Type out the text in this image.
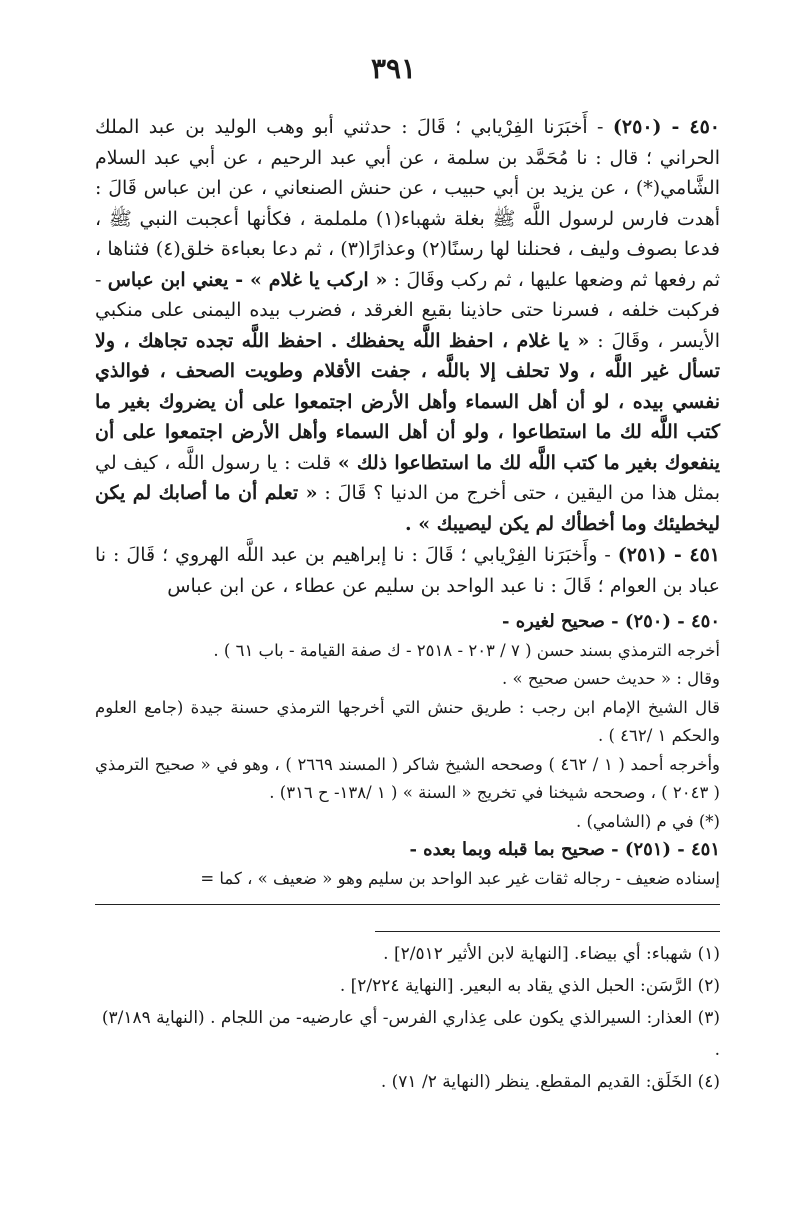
٣٩١

٤٥٠ - (٢٥٠) - أَخبَرَنا الفِرْيابي ؛ قَالَ : حدثني أبو وهب الوليد بن عبد الملك الحراني ؛ قال : نا مُحَمَّد بن سلمة ، عن أبي عبد الرحيم ، عن أبي عبد السلام الشَّامي(*) ، عن يزيد بن أبي حبيب ، عن حنش الصنعاني ، عن ابن عباس قَالَ : أهدت فارس لرسول اللَّه ﷺ بغلة شهباء(١) ململمة ، فكأنها أعجبت النبي ﷺ ، فدعا بصوف وليف ، فحنلنا لها رسنًا(٢) وعذارًا(٣) ، ثم دعا بعباءة خلق(٤) فثناها ، ثم رفعها ثم وضعها عليها ، ثم ركب وقَالَ : « اركب يا غلام » - يعني ابن عباس - فركبت خلفه ، فسرنا حتى حاذينا بقيع الغرقد ، فضرب بيده اليمنى على منكبي الأيسر ، وقَالَ : « يا غلام ، احفظ اللَّه يحفظك . احفظ اللَّه تجده تجاهك ، ولا تسأل غير اللَّه ، ولا تحلف إلا باللَّه ، جفت الأقلام وطويت الصحف ، فوالذي نفسي بيده ، لو أن أهل السماء وأهل الأرض اجتمعوا على أن يضروك بغير ما كتب اللَّه لك ما استطاعوا ، ولو أن أهل السماء وأهل الأرض اجتمعوا على أن ينفعوك بغير ما كتب اللَّه لك ما استطاعوا ذلك » قلت : يا رسول اللَّه ، كيف لي بمثل هذا من اليقين ، حتى أخرج من الدنيا ؟ قَالَ : « تعلم أن ما أصابك لم يكن ليخطيئك وما أخطأك لم يكن ليصيبك » .

٤٥١ - (٢٥١) - وأَخبَرَنا الفِرْيابي ؛ قَالَ : نا إبراهيم بن عبد اللَّه الهروي ؛ قَالَ : نا عباد بن العوام ؛ قَالَ : نا عبد الواحد بن سليم عن عطاء ، عن ابن عباس

٤٥٠ - (٢٥٠) - صحيح لغيره -

أخرجه الترمذي بسند حسن ( ٧ / ٢٠٣ - ٢٥١٨ - ك صفة القيامة - باب ٦١ ) .

وقال : « حديث حسن صحيح » .

قال الشيخ الإمام ابن رجب : طريق حنش التي أخرجها الترمذي حسنة جيدة (جامع العلوم والحكم ١ /٤٦٢ ) .

وأخرجه أحمد ( ١ / ٤٦٢ ) وصححه الشيخ شاكر ( المسند ٢٦٦٩ ) ، وهو في « صحيح الترمذي ( ٢٠٤٣ ) ، وصححه شيخنا في تخريج « السنة » ( ١ /١٣٨- ح ٣١٦) .

(*) في م (الشامي) .

٤٥١ - (٢٥١) - صحيح بما قبله وبما بعده -

إسناده ضعيف - رجاله ثقات غير عبد الواحد بن سليم وهو « ضعيف » ، كما =

(١) شهباء: أي بيضاء. [النهاية لابن الأثير ٢/٥١٢] .

(٢) الرَّسَن: الحبل الذي يقاد به البعير. [النهاية ٢/٢٢٤] .

(٣) العذار: السيرالذي يكون على عِذاري الفرس- أي عارضيه- من اللجام . (النهاية ٣/١٨٩) .

(٤) الخَلَق: القديم المقطع. ينظر (النهاية ٢/ ٧١) .
